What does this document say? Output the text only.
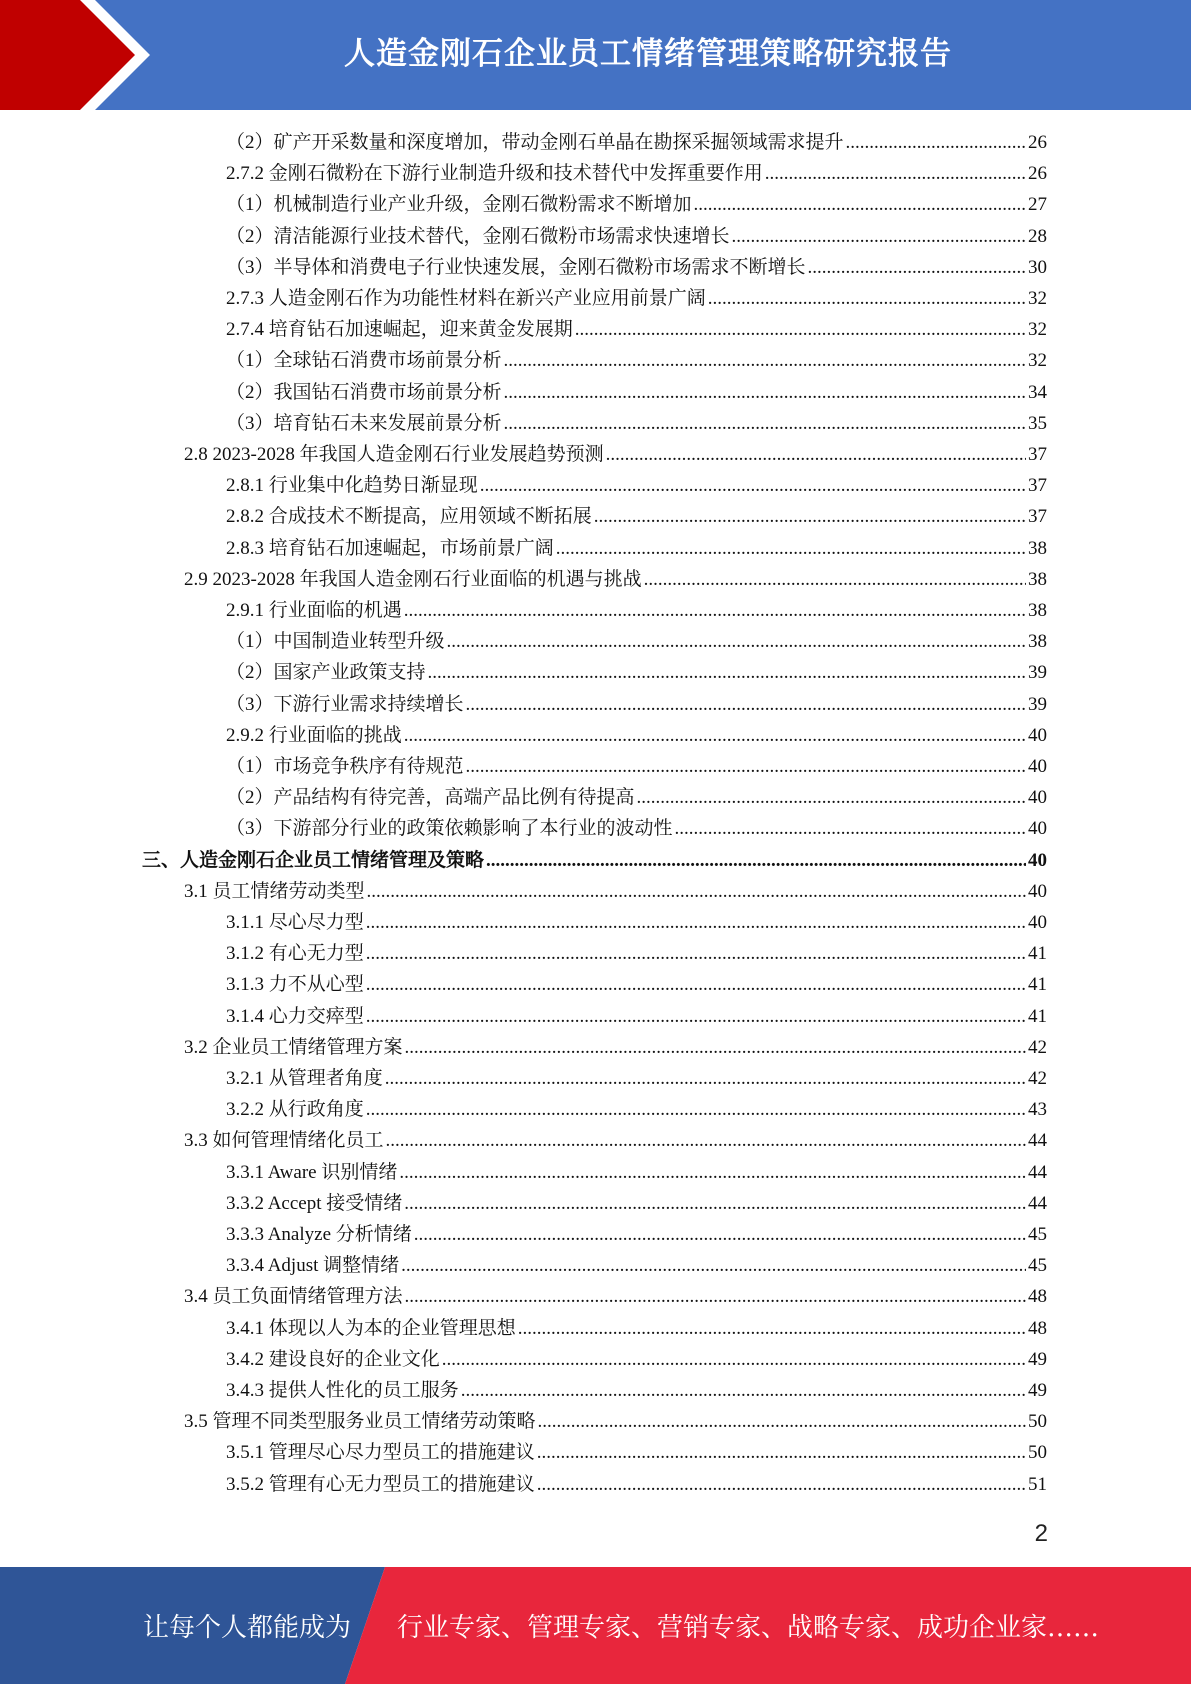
人造金刚石企业员工情绪管理策略研究报告
（2）矿产开采数量和深度增加，带动金刚石单晶在勘探采掘领域需求提升 .....	26
2.7.2 金刚石微粉在下游行业制造升级和技术替代中发挥重要作用 .....	26
（1）机械制造行业产业升级，金刚石微粉需求不断增加 .....	27
（2）清洁能源行业技术替代，金刚石微粉市场需求快速增长 .....	28
（3）半导体和消费电子行业快速发展，金刚石微粉市场需求不断增长 .....	30
2.7.3 人造金刚石作为功能性材料在新兴产业应用前景广阔 .....	32
2.7.4 培育钻石加速崛起，迎来黄金发展期 .....	32
（1）全球钻石消费市场前景分析 .....	32
（2）我国钻石消费市场前景分析 .....	34
（3）培育钻石未来发展前景分析 .....	35
2.8 2023-2028 年我国人造金刚石行业发展趋势预测 .....	37
2.8.1 行业集中化趋势日渐显现 .....	37
2.8.2 合成技术不断提高，应用领域不断拓展 .....	37
2.8.3 培育钻石加速崛起，市场前景广阔 .....	38
2.9 2023-2028 年我国人造金刚石行业面临的机遇与挑战 .....	38
2.9.1 行业面临的机遇 .....	38
（1）中国制造业转型升级 .....	38
（2）国家产业政策支持 .....	39
（3）下游行业需求持续增长 .....	39
2.9.2 行业面临的挑战 .....	40
（1）市场竞争秩序有待规范 .....	40
（2）产品结构有待完善，高端产品比例有待提高 .....	40
（3）下游部分行业的政策依赖影响了本行业的波动性 .....	40
三、人造金刚石企业员工情绪管理及策略 .....	40
3.1 员工情绪劳动类型 .....	40
3.1.1 尽心尽力型 .....	40
3.1.2 有心无力型 .....	41
3.1.3 力不从心型 .....	41
3.1.4 心力交瘁型 .....	41
3.2 企业员工情绪管理方案 .....	42
3.2.1 从管理者角度 .....	42
3.2.2 从行政角度 .....	43
3.3 如何管理情绪化员工 .....	44
3.3.1 Aware 识别情绪 .....	44
3.3.2 Accept 接受情绪 .....	44
3.3.3 Analyze 分析情绪 .....	45
3.3.4 Adjust 调整情绪 .....	45
3.4 员工负面情绪管理方法 .....	48
3.4.1 体现以人为本的企业管理思想 .....	48
3.4.2 建设良好的企业文化 .....	49
3.4.3 提供人性化的员工服务 .....	49
3.5 管理不同类型服务业员工情绪劳动策略 .....	50
3.5.1 管理尽心尽力型员工的措施建议 .....	50
3.5.2 管理有心无力型员工的措施建议 .....	51
2
让每个人都能成为 行业专家、管理专家、营销专家、战略专家、成功企业家……
